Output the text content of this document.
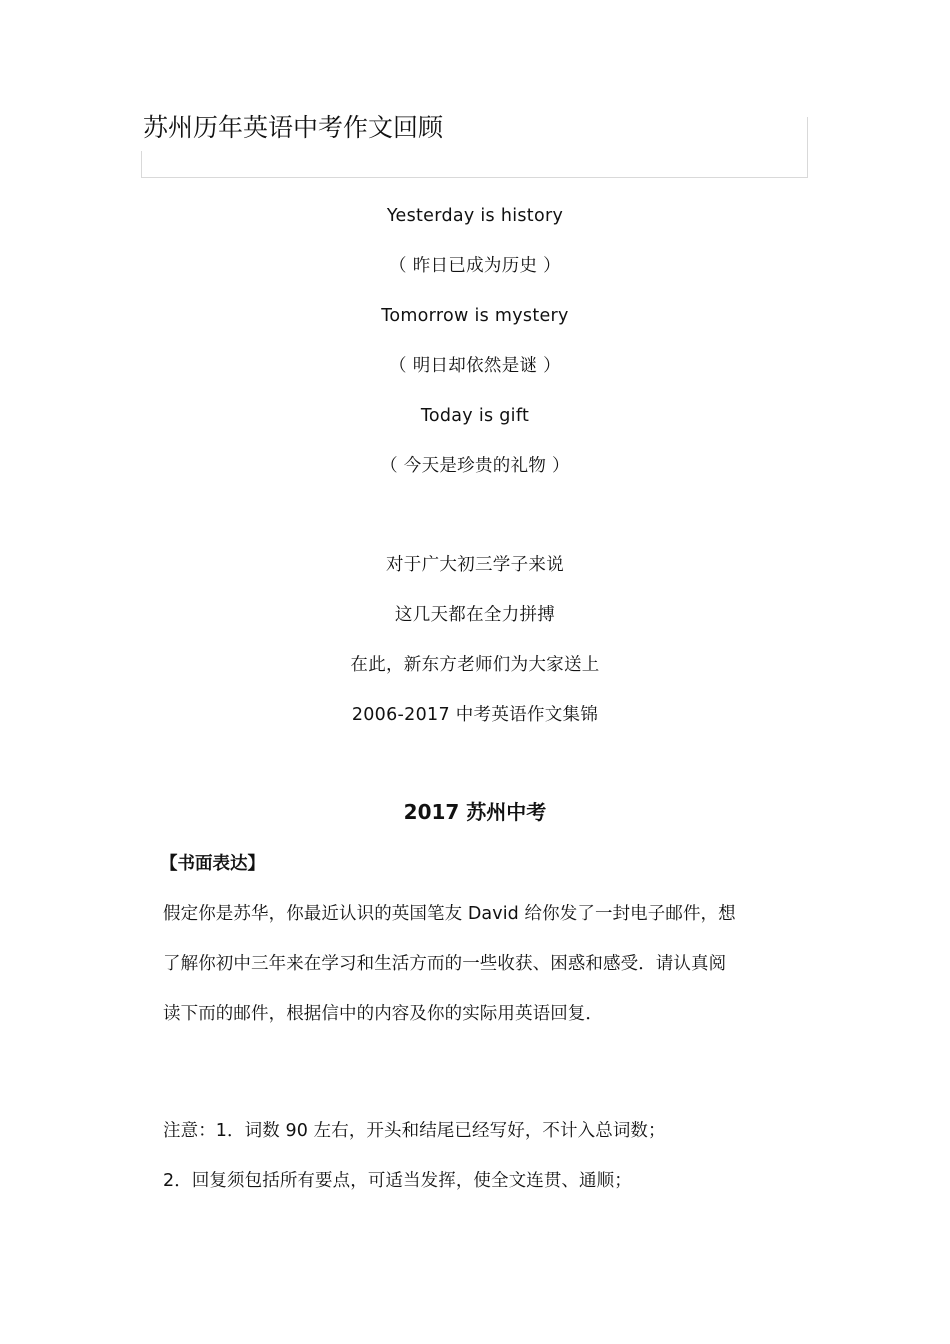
苏州历年英语中考作文回顾
Yesterday is history
（ 昨日已成为历史 ）
Tomorrow is mystery
（ 明日却依然是谜 ）
Today is gift
（ 今天是珍贵的礼物 ）
对于广大初三学子来说
这几天都在全力拼搏
在此，新东方老师们为大家送上
2006-2017 中考英语作文集锦
2017 苏州中考
【书面表达】
假定你是苏华，你最近认识的英国笔友 David 给你发了一封电子邮件，想
了解你初中三年来在学习和生活方而的一些收获、困惑和感受．请认真阅
读下而的邮件，根据信中的内容及你的实际用英语回复．
注意：1．词数 90 左右，开头和结尾已经写好，不计入总词数；
2．回复须包括所有要点，可适当发挥，使全文连贯、通顺；
